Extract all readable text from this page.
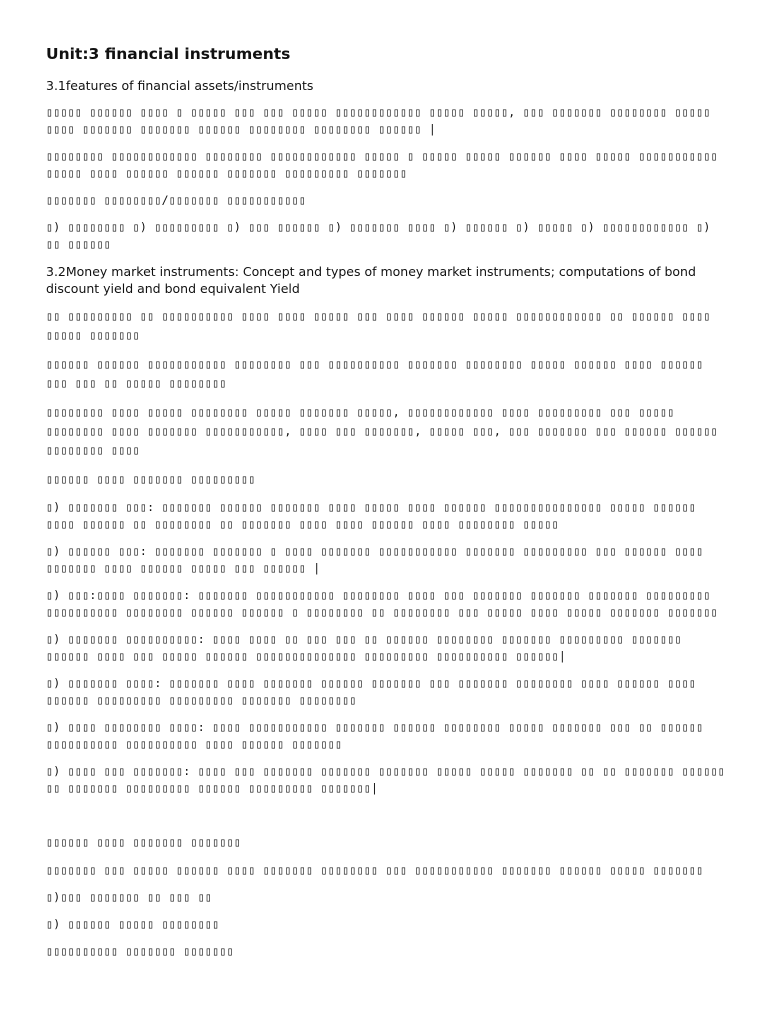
Unit:3 financial instruments
3.1features of financial assets/instruments
▯▯▯▯▯ ▯▯▯▯▯▯ ▯▯▯▯ ▯ ▯▯▯▯▯ ▯▯▯ ▯▯▯ ▯▯▯▯▯ ▯▯▯▯▯▯▯▯▯▯▯▯ ▯▯▯▯▯ ▯▯▯▯▯, ▯▯▯ ▯▯▯▯▯▯▯ ▯▯▯▯▯▯▯▯ ▯▯▯▯▯ ▯▯▯▯ ▯▯▯▯▯▯▯ ▯▯▯▯▯▯▯ ▯▯▯▯▯▯ ▯▯▯▯▯▯▯▯ ▯▯▯▯▯▯▯▯ ▯▯▯▯▯▯ |
▯▯▯▯▯▯▯▯ ▯▯▯▯▯▯▯▯▯▯▯▯ ▯▯▯▯▯▯▯▯ ▯▯▯▯▯▯▯▯▯▯▯▯ ▯▯▯▯▯ ▯ ▯▯▯▯▯ ▯▯▯▯▯ ▯▯▯▯▯▯ ▯▯▯▯ ▯▯▯▯▯ ▯▯▯▯▯▯▯▯▯▯▯ ▯▯▯▯▯ ▯▯▯▯ ▯▯▯▯▯▯ ▯▯▯▯▯▯ ▯▯▯▯▯▯▯ ▯▯▯▯▯▯▯▯▯ ▯▯▯▯▯▯▯
▯▯▯▯▯▯▯ ▯▯▯▯▯▯▯▯/▯▯▯▯▯▯▯ ▯▯▯▯▯▯▯▯▯▯▯
▯) ▯▯▯▯▯▯▯▯ ▯) ▯▯▯▯▯▯▯▯▯ ▯) ▯▯▯ ▯▯▯▯▯▯ ▯) ▯▯▯▯▯▯▯ ▯▯▯▯ ▯) ▯▯▯▯▯▯ ▯) ▯▯▯▯▯ ▯) ▯▯▯▯▯▯▯▯▯▯▯▯ ▯) ▯▯ ▯▯▯▯▯▯
3.2Money market instruments: Concept and types of money market instruments; computations of bond discount yield and bond equivalent Yield
▯▯ ▯▯▯▯▯▯▯▯▯ ▯▯ ▯▯▯▯▯▯▯▯▯▯ ▯▯▯▯ ▯▯▯▯ ▯▯▯▯▯ ▯▯▯ ▯▯▯▯ ▯▯▯▯▯▯ ▯▯▯▯▯ ▯▯▯▯▯▯▯▯▯▯▯▯ ▯▯ ▯▯▯▯▯▯ ▯▯▯▯ ▯▯▯▯▯ ▯▯▯▯▯▯▯
▯▯▯▯▯▯ ▯▯▯▯▯▯ ▯▯▯▯▯▯▯▯▯▯▯ ▯▯▯▯▯▯▯▯ ▯▯▯ ▯▯▯▯▯▯▯▯▯▯ ▯▯▯▯▯▯▯ ▯▯▯▯▯▯▯▯ ▯▯▯▯▯ ▯▯▯▯▯▯ ▯▯▯▯ ▯▯▯▯▯▯ ▯▯▯ ▯▯▯ ▯▯ ▯▯▯▯▯ ▯▯▯▯▯▯▯▯
▯▯▯▯▯▯▯▯ ▯▯▯▯ ▯▯▯▯▯ ▯▯▯▯▯▯▯▯ ▯▯▯▯▯ ▯▯▯▯▯▯▯ ▯▯▯▯▯, ▯▯▯▯▯▯▯▯▯▯▯▯ ▯▯▯▯ ▯▯▯▯▯▯▯▯▯ ▯▯▯ ▯▯▯▯▯ ▯▯▯▯▯▯▯▯ ▯▯▯▯ ▯▯▯▯▯▯▯ ▯▯▯▯▯▯▯▯▯▯▯, ▯▯▯▯ ▯▯▯ ▯▯▯▯▯▯▯, ▯▯▯▯▯ ▯▯▯, ▯▯▯ ▯▯▯▯▯▯▯ ▯▯▯ ▯▯▯▯▯▯ ▯▯▯▯▯▯ ▯▯▯▯▯▯▯▯ ▯▯▯▯
▯▯▯▯▯▯ ▯▯▯▯ ▯▯▯▯▯▯▯ ▯▯▯▯▯▯▯▯▯
▯) ▯▯▯▯▯▯▯ ▯▯▯: ▯▯▯▯▯▯▯ ▯▯▯▯▯▯ ▯▯▯▯▯▯▯ ▯▯▯▯ ▯▯▯▯▯ ▯▯▯▯ ▯▯▯▯▯▯ ▯▯▯▯▯▯▯▯▯▯▯▯▯▯▯ ▯▯▯▯▯ ▯▯▯▯▯▯ ▯▯▯▯ ▯▯▯▯▯▯ ▯▯ ▯▯▯▯▯▯▯▯ ▯▯ ▯▯▯▯▯▯▯ ▯▯▯▯ ▯▯▯▯ ▯▯▯▯▯▯ ▯▯▯▯ ▯▯▯▯▯▯▯▯ ▯▯▯▯▯
▯) ▯▯▯▯▯▯ ▯▯▯: ▯▯▯▯▯▯▯ ▯▯▯▯▯▯▯ ▯ ▯▯▯▯ ▯▯▯▯▯▯▯ ▯▯▯▯▯▯▯▯▯▯▯ ▯▯▯▯▯▯▯ ▯▯▯▯▯▯▯▯▯ ▯▯▯ ▯▯▯▯▯▯ ▯▯▯▯ ▯▯▯▯▯▯▯ ▯▯▯▯ ▯▯▯▯▯▯ ▯▯▯▯▯ ▯▯▯ ▯▯▯▯▯▯ |
▯) ▯▯▯:▯▯▯▯ ▯▯▯▯▯▯▯: ▯▯▯▯▯▯▯ ▯▯▯▯▯▯▯▯▯▯▯ ▯▯▯▯▯▯▯▯ ▯▯▯▯ ▯▯▯ ▯▯▯▯▯▯▯ ▯▯▯▯▯▯▯ ▯▯▯▯▯▯▯ ▯▯▯▯▯▯▯▯▯ ▯▯▯▯▯▯▯▯▯▯ ▯▯▯▯▯▯▯▯ ▯▯▯▯▯▯ ▯▯▯▯▯▯ ▯ ▯▯▯▯▯▯▯▯ ▯▯ ▯▯▯▯▯▯▯▯ ▯▯▯ ▯▯▯▯▯ ▯▯▯▯ ▯▯▯▯▯ ▯▯▯▯▯▯▯ ▯▯▯▯▯▯▯
▯) ▯▯▯▯▯▯▯ ▯▯▯▯▯▯▯▯▯▯: ▯▯▯▯ ▯▯▯▯ ▯▯ ▯▯▯ ▯▯▯ ▯▯ ▯▯▯▯▯▯ ▯▯▯▯▯▯▯▯ ▯▯▯▯▯▯▯ ▯▯▯▯▯▯▯▯▯ ▯▯▯▯▯▯▯ ▯▯▯▯▯▯ ▯▯▯▯ ▯▯▯ ▯▯▯▯▯ ▯▯▯▯▯▯ ▯▯▯▯▯▯▯▯▯▯▯▯▯▯ ▯▯▯▯▯▯▯▯▯ ▯▯▯▯▯▯▯▯▯▯ ▯▯▯▯▯▯|
▯) ▯▯▯▯▯▯▯ ▯▯▯▯: ▯▯▯▯▯▯▯ ▯▯▯▯ ▯▯▯▯▯▯▯ ▯▯▯▯▯▯ ▯▯▯▯▯▯▯ ▯▯▯ ▯▯▯▯▯▯▯ ▯▯▯▯▯▯▯▯ ▯▯▯▯ ▯▯▯▯▯▯ ▯▯▯▯ ▯▯▯▯▯▯ ▯▯▯▯▯▯▯▯▯ ▯▯▯▯▯▯▯▯▯ ▯▯▯▯▯▯▯ ▯▯▯▯▯▯▯▯
▯) ▯▯▯▯ ▯▯▯▯▯▯▯▯ ▯▯▯▯: ▯▯▯▯ ▯▯▯▯▯▯▯▯▯▯▯ ▯▯▯▯▯▯▯ ▯▯▯▯▯▯ ▯▯▯▯▯▯▯▯ ▯▯▯▯▯ ▯▯▯▯▯▯▯ ▯▯▯ ▯▯ ▯▯▯▯▯▯ ▯▯▯▯▯▯▯▯▯▯ ▯▯▯▯▯▯▯▯▯▯ ▯▯▯▯ ▯▯▯▯▯▯ ▯▯▯▯▯▯▯
▯) ▯▯▯▯ ▯▯▯ ▯▯▯▯▯▯▯: ▯▯▯▯ ▯▯▯ ▯▯▯▯▯▯▯ ▯▯▯▯▯▯▯ ▯▯▯▯▯▯▯ ▯▯▯▯▯ ▯▯▯▯▯ ▯▯▯▯▯▯▯ ▯▯ ▯▯ ▯▯▯▯▯▯▯ ▯▯▯▯▯▯ ▯▯ ▯▯▯▯▯▯▯ ▯▯▯▯▯▯▯▯▯ ▯▯▯▯▯▯ ▯▯▯▯▯▯▯▯▯ ▯▯▯▯▯▯▯|
▯▯▯▯▯▯ ▯▯▯▯ ▯▯▯▯▯▯▯ ▯▯▯▯▯▯▯
▯▯▯▯▯▯▯ ▯▯▯ ▯▯▯▯▯ ▯▯▯▯▯▯ ▯▯▯▯ ▯▯▯▯▯▯▯ ▯▯▯▯▯▯▯▯ ▯▯▯ ▯▯▯▯▯▯▯▯▯▯▯ ▯▯▯▯▯▯▯ ▯▯▯▯▯▯ ▯▯▯▯▯ ▯▯▯▯▯▯▯
▯)▯▯▯ ▯▯▯▯▯▯▯ ▯▯ ▯▯▯ ▯▯
▯) ▯▯▯▯▯▯ ▯▯▯▯▯ ▯▯▯▯▯▯▯▯
▯▯▯▯▯▯▯▯▯▯ ▯▯▯▯▯▯▯ ▯▯▯▯▯▯▯
